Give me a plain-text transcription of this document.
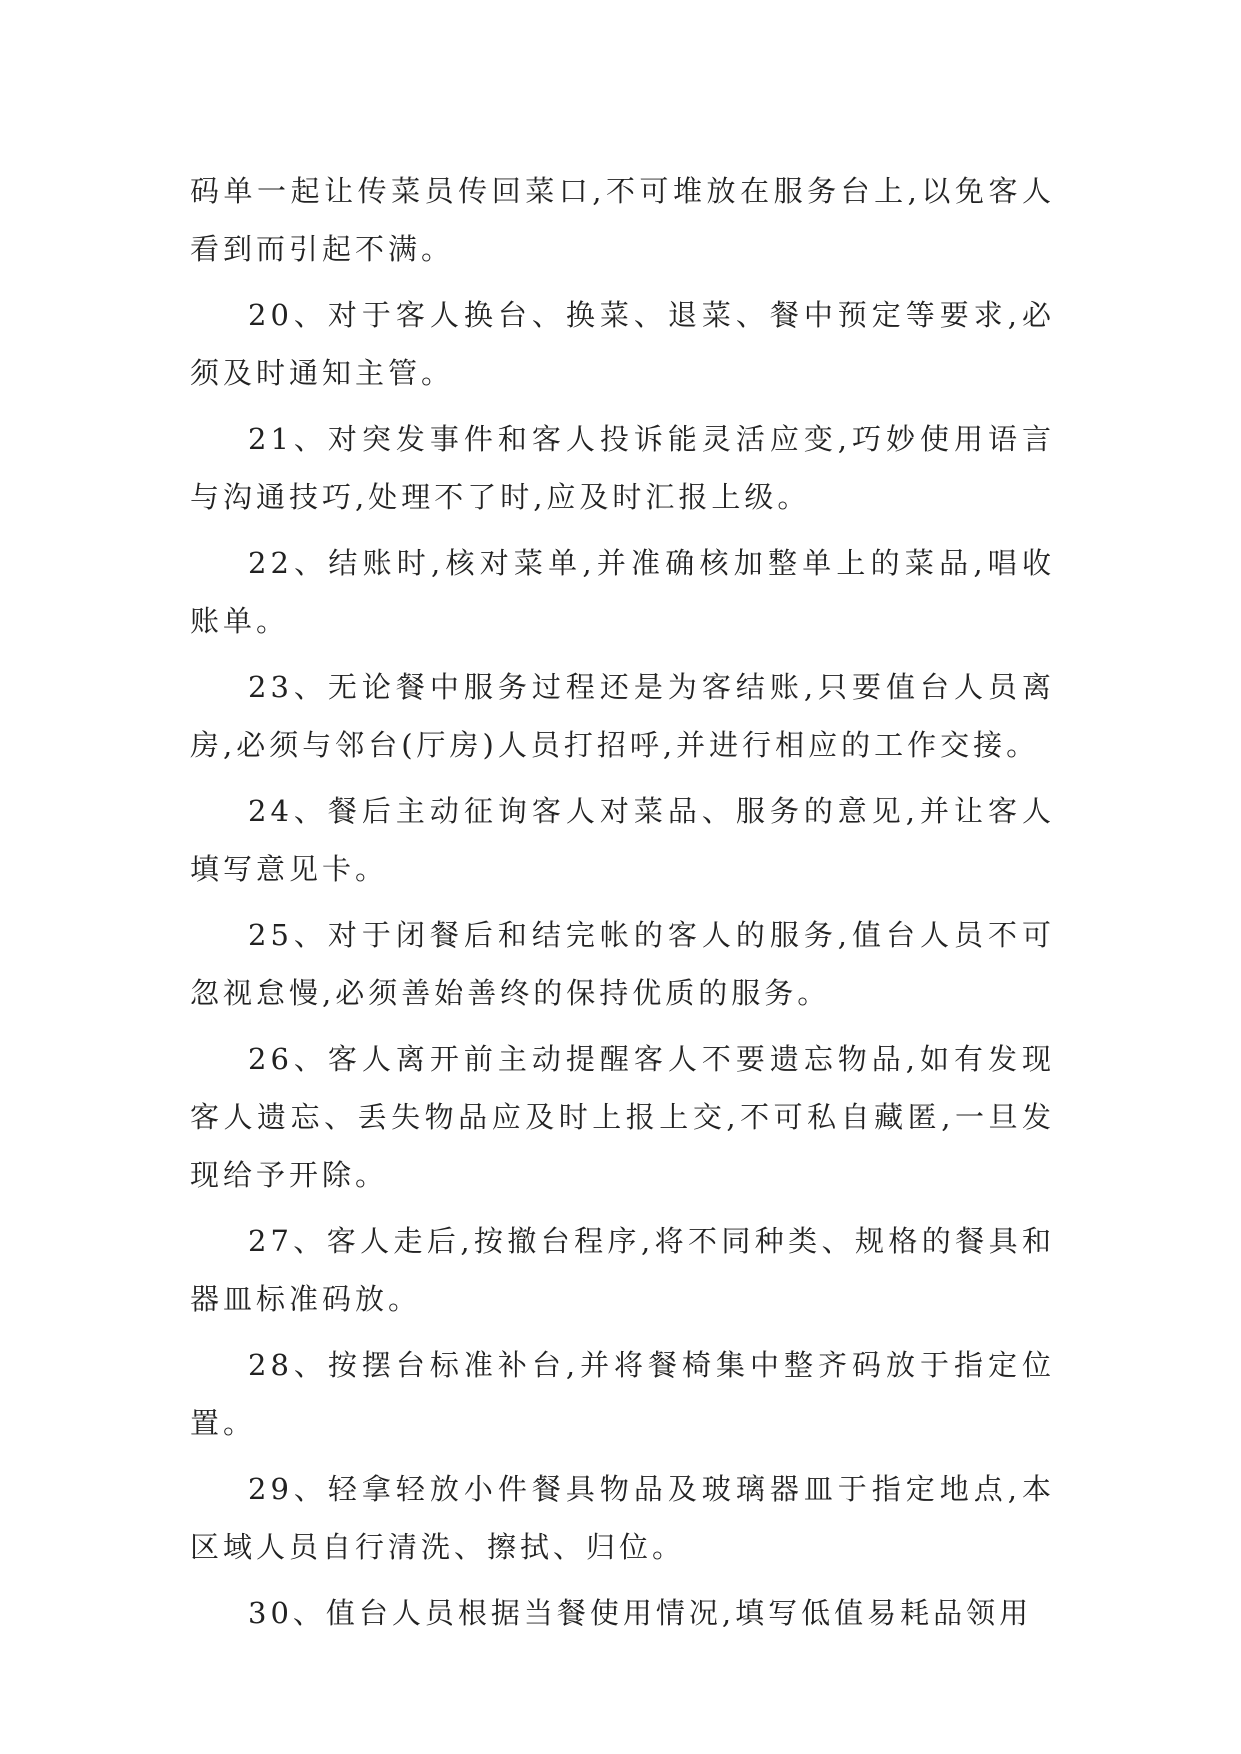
码单一起让传菜员传回菜口,不可堆放在服务台上,以免客人看到而引起不满。

20、对于客人换台、换菜、退菜、餐中预定等要求,必须及时通知主管。

21、对突发事件和客人投诉能灵活应变,巧妙使用语言与沟通技巧,处理不了时,应及时汇报上级。

22、结账时,核对菜单,并准确核加整单上的菜品,唱收账单。

23、无论餐中服务过程还是为客结账,只要值台人员离房,必须与邻台(厅房)人员打招呼,并进行相应的工作交接。

24、餐后主动征询客人对菜品、服务的意见,并让客人填写意见卡。

25、对于闭餐后和结完帐的客人的服务,值台人员不可忽视怠慢,必须善始善终的保持优质的服务。

26、客人离开前主动提醒客人不要遗忘物品,如有发现客人遗忘、丢失物品应及时上报上交,不可私自藏匿,一旦发现给予开除。

27、客人走后,按撤台程序,将不同种类、规格的餐具和器皿标准码放。

28、按摆台标准补台,并将餐椅集中整齐码放于指定位置。

29、轻拿轻放小件餐具物品及玻璃器皿于指定地点,本区域人员自行清洗、擦拭、归位。

30、值台人员根据当餐使用情况,填写低值易耗品领用
